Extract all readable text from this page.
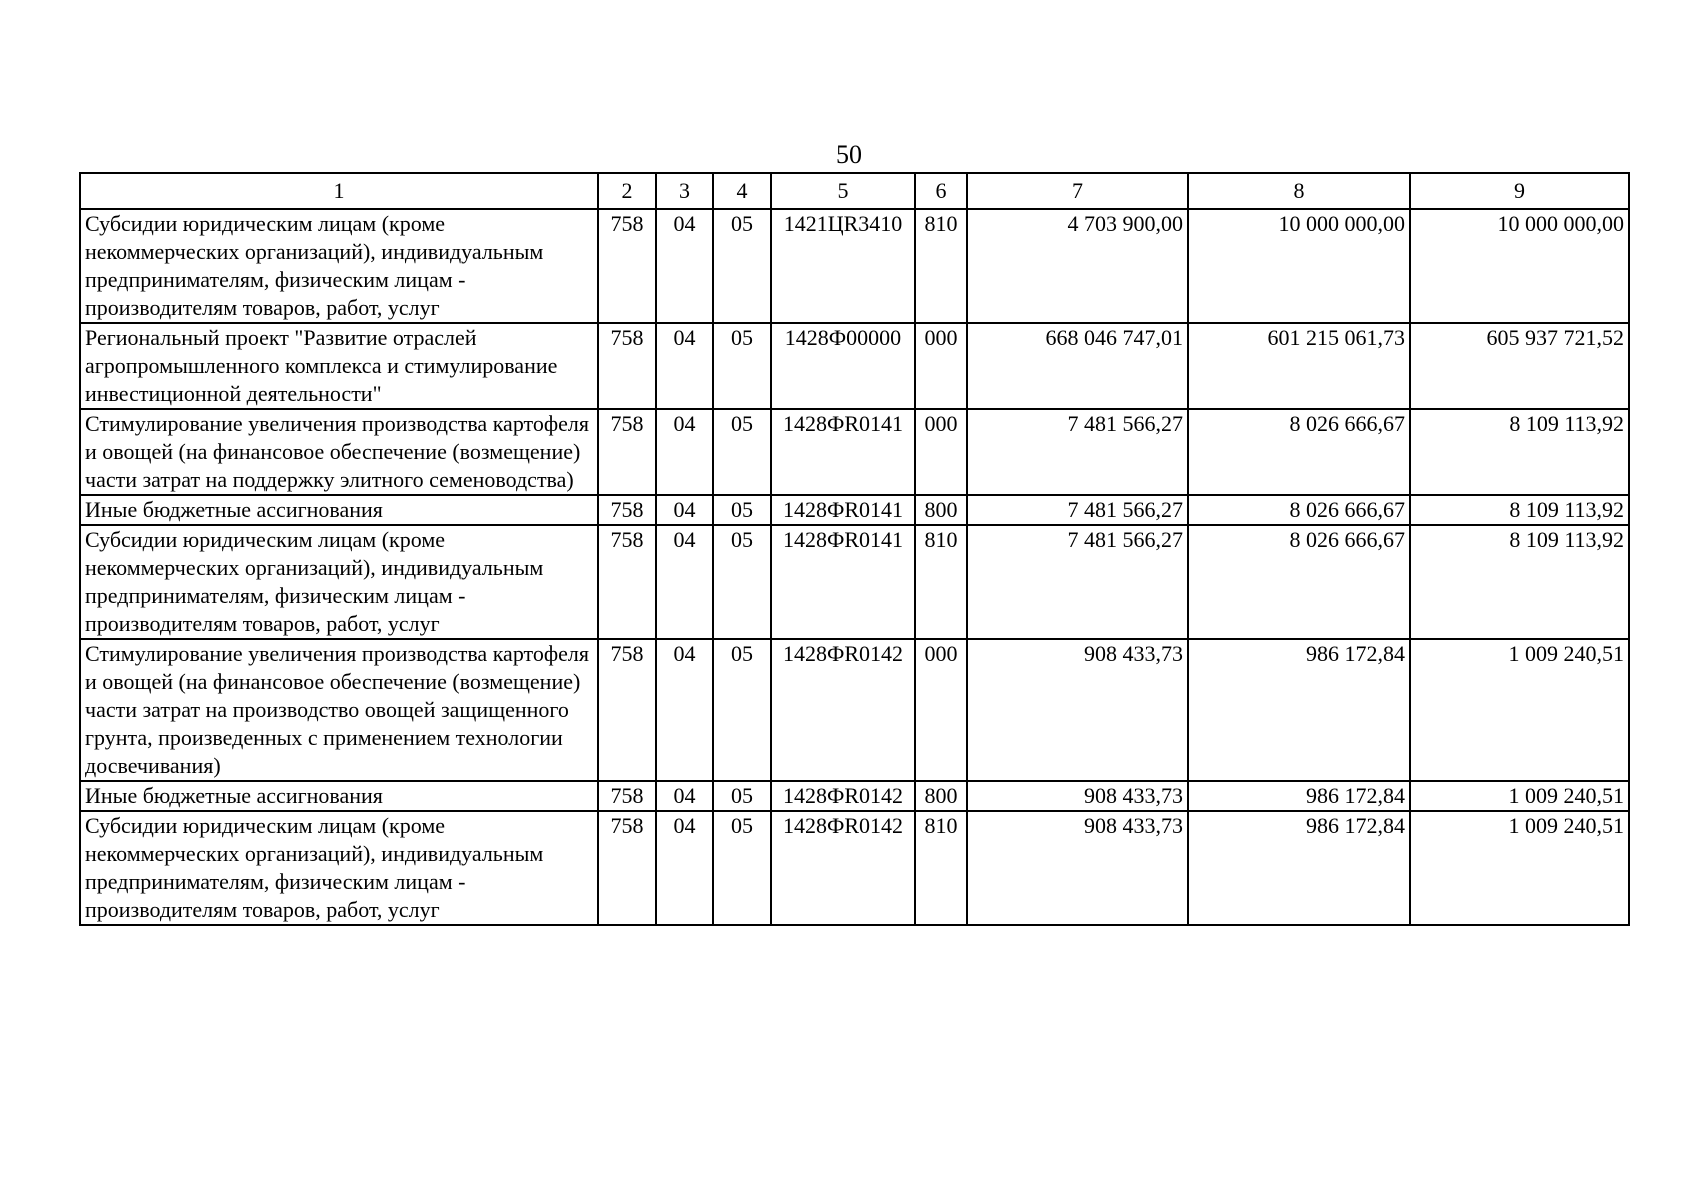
50
1	2	3	4	5	6	7	8	9
Субсидии юридическим лицам (кроме некоммерческих организаций), индивидуальным предпринимателям, физическим лицам - производителям товаров, работ, услуг	758	04	05	1421ЦR3410	810	4 703 900,00	10 000 000,00	10 000 000,00
Региональный проект "Развитие отраслей агропромышленного комплекса и стимулирование инвестиционной деятельности"	758	04	05	1428Ф00000	000	668 046 747,01	601 215 061,73	605 937 721,52
Стимулирование увеличения производства картофеля и овощей (на финансовое обеспечение (возмещение) части затрат на поддержку элитного семеноводства)	758	04	05	1428ФR0141	000	7 481 566,27	8 026 666,67	8 109 113,92
Иные бюджетные ассигнования	758	04	05	1428ФR0141	800	7 481 566,27	8 026 666,67	8 109 113,92
Субсидии юридическим лицам (кроме некоммерческих организаций), индивидуальным предпринимателям, физическим лицам - производителям товаров, работ, услуг	758	04	05	1428ФR0141	810	7 481 566,27	8 026 666,67	8 109 113,92
Стимулирование увеличения производства картофеля и овощей (на финансовое обеспечение (возмещение) части затрат на производство овощей защищенного грунта, произведенных с применением технологии досвечивания)	758	04	05	1428ФR0142	000	908 433,73	986 172,84	1 009 240,51
Иные бюджетные ассигнования	758	04	05	1428ФR0142	800	908 433,73	986 172,84	1 009 240,51
Субсидии юридическим лицам (кроме некоммерческих организаций), индивидуальным предпринимателям, физическим лицам - производителям товаров, работ, услуг	758	04	05	1428ФR0142	810	908 433,73	986 172,84	1 009 240,51
